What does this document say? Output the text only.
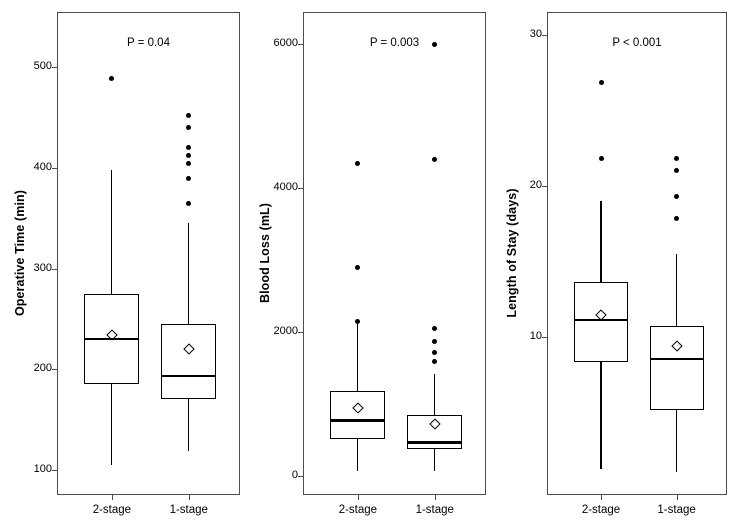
Operative Time (min)
100
200
300
400
500
2-stage	1-stage
P = 0.04
Blood Loss (mL)
0
2000
4000
6000
2-stage	1-stage
P = 0.003
Length of Stay (days)
10
20
30
2-stage	1-stage
P < 0.001
